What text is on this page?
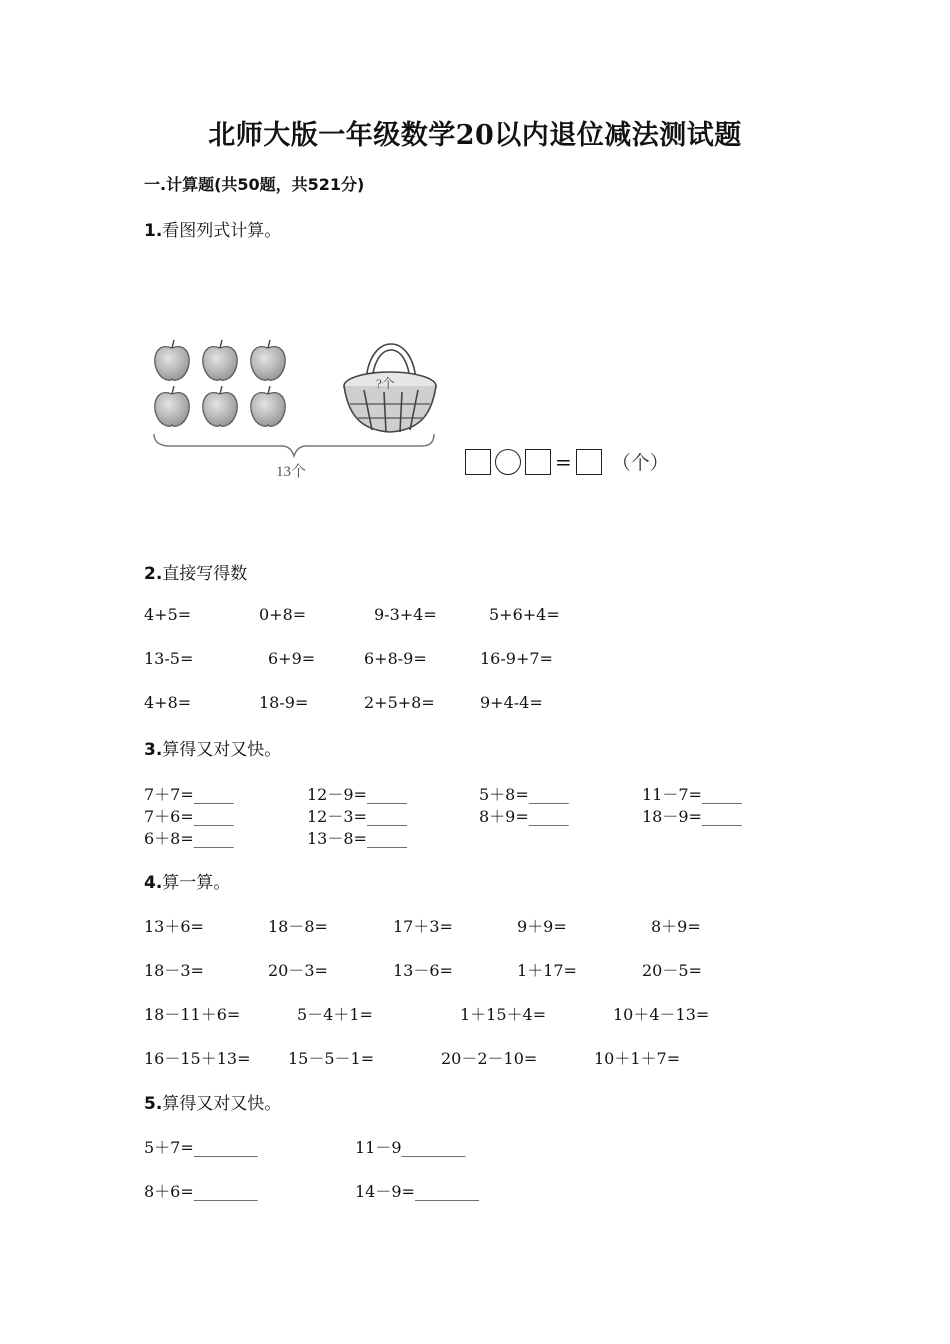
北师大版一年级数学20以内退位减法测试题
一.计算题(共50题，共521分)
1.看图列式计算。
?个
13个	= （个）
2.直接写得数
4+5=	0+8=	9-3+4=	5+6+4=
13-5=	6+9=	6+8-9=	16-9+7=
4+8=	18-9=	2+5+8=	9+4-4=
3.算得又对又快。
7＋7=_____	12－9=_____	5＋8=_____	11－7=_____
7＋6=_____	12－3=_____	8＋9=_____	18－9=_____
6＋8=_____	13－8=_____
4.算一算。
13＋6=	18－8=	17＋3=	9＋9=	8＋9=
18－3=	20－3=	13－6=	1＋17=	20－5=
18－11＋6=	5－4＋1=	1＋15＋4=	10＋4－13=
16－15＋13= 15－5－1=	20－2－10=	10＋1＋7=
5.算得又对又快。
5＋7=________	11－9________
8＋6=________	14－9=________
